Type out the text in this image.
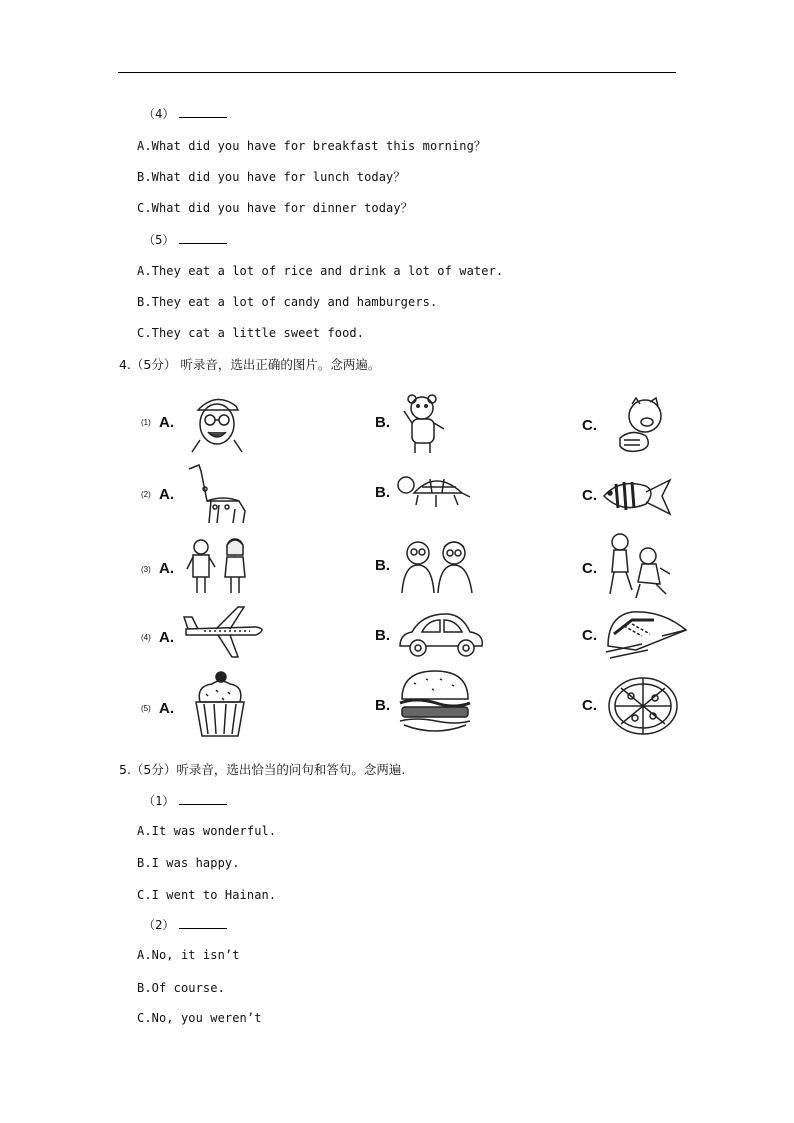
（4）
A.What did you have for breakfast this morning？
B.What did you have for lunch today？
C.What did you have for dinner today？
（5）
A.They eat a lot of rice and drink a lot of water.
B.They eat a lot of candy and hamburgers.
C.They cat a little sweet food.
4.（5分） 听录音，选出正确的图片。念两遍。
(1) A.	B.	C.
(2) A.	B.	C.
(3) A.	B.	C.
(4) A.	B.	C.
(5) A.	B.	C.
5.（5分）听录音，选出恰当的问句和答句。念两遍.
（1）
A.It was wonderful.
B.I was happy.
C.I went to Hainan.
（2）
A.No, it isn’t
B.Of course.
C.No, you weren’t
